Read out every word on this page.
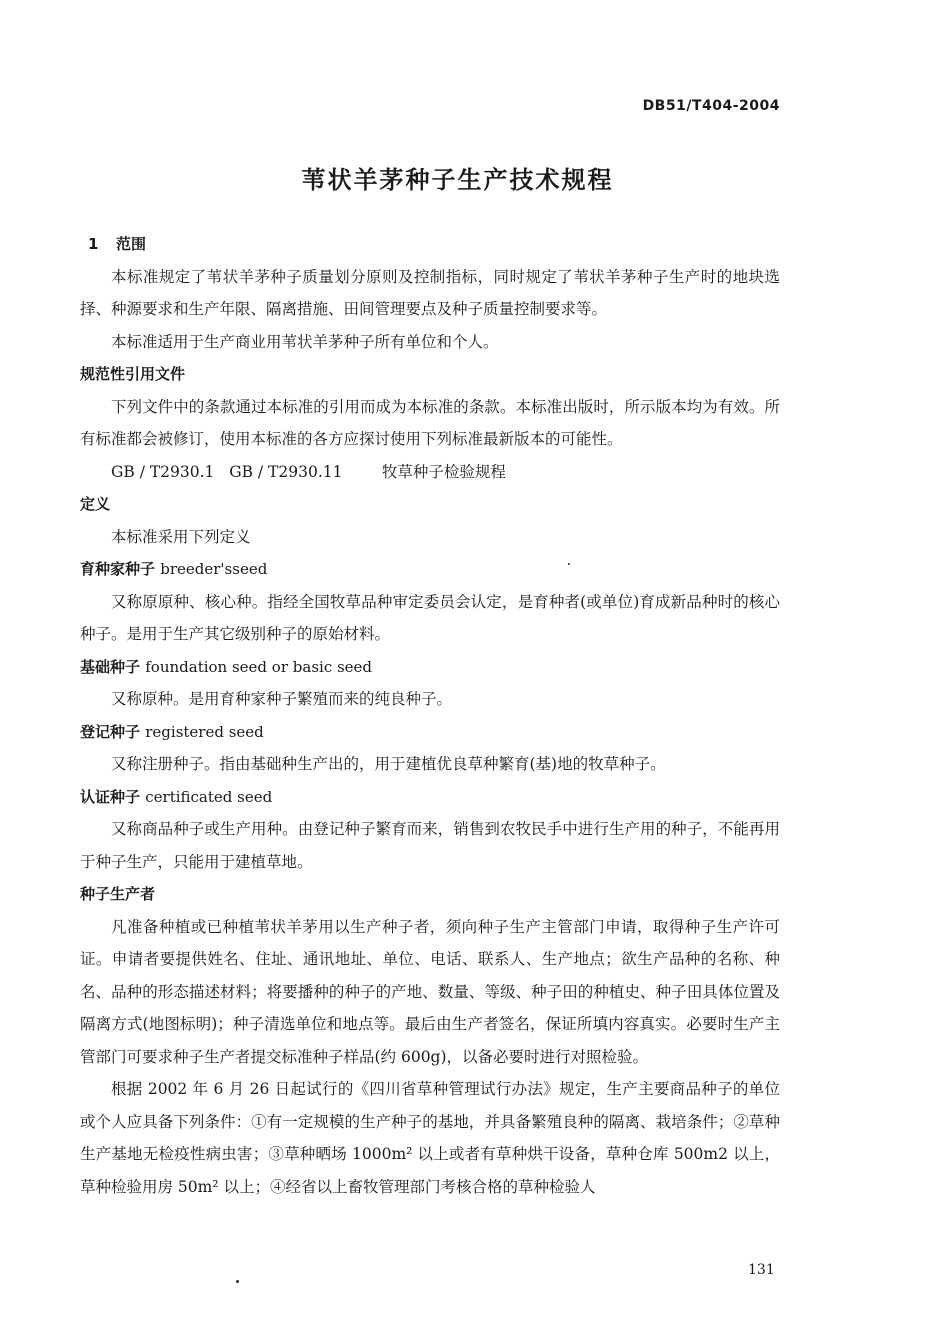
DB51/T404-2004
苇状羊茅种子生产技术规程
1 范围
本标准规定了苇状羊茅种子质量划分原则及控制指标，同时规定了苇状羊茅种子生产时的地块选择、种源要求和生产年限、隔离措施、田间管理要点及种子质量控制要求等。
本标准适用于生产商业用苇状羊茅种子所有单位和个人。
规范性引用文件
下列文件中的条款通过本标准的引用而成为本标准的条款。本标准出版时，所示版本均为有效。所有标准都会被修订，使用本标准的各方应探讨使用下列标准最新版本的可能性。
GB / T2930.1   GB / T2930.11	牧草种子检验规程
定义
本标准采用下列定义
育种家种子 breeder'sseed
又称原原种、核心种。指经全国牧草品种审定委员会认定，是育种者(或单位)育成新品种时的核心种子。是用于生产其它级别种子的原始材料。
基础种子 foundation seed or basic seed
又称原种。是用育种家种子繁殖而来的纯良种子。
登记种子 registered seed
又称注册种子。指由基础种生产出的，用于建植优良草种繁育(基)地的牧草种子。
认证种子 certificated seed
又称商品种子或生产用种。由登记种子繁育而来，销售到农牧民手中进行生产用的种子，不能再用于种子生产，只能用于建植草地。
种子生产者
凡准备种植或已种植苇状羊茅用以生产种子者，须向种子生产主管部门申请，取得种子生产许可证。申请者要提供姓名、住址、通讯地址、单位、电话、联系人、生产地点；欲生产品种的名称、种名、品种的形态描述材料；将要播种的种子的产地、数量、等级、种子田的种植史、种子田具体位置及隔离方式(地图标明)；种子清选单位和地点等。最后由生产者签名，保证所填内容真实。必要时生产主管部门可要求种子生产者提交标准种子样品(约 600g)，以备必要时进行对照检验。
根据 2002 年 6 月 26 日起试行的《四川省草种管理试行办法》规定，生产主要商品种子的单位或个人应具备下列条件：①有一定规模的生产种子的基地，并具备繁殖良种的隔离、栽培条件；②草种生产基地无检疫性病虫害；③草种晒场 1000m² 以上或者有草种烘干设备，草种仓库 500m2 以上，草种检验用房 50m² 以上；④经省以上畜牧管理部门考核合格的草种检验人
131
